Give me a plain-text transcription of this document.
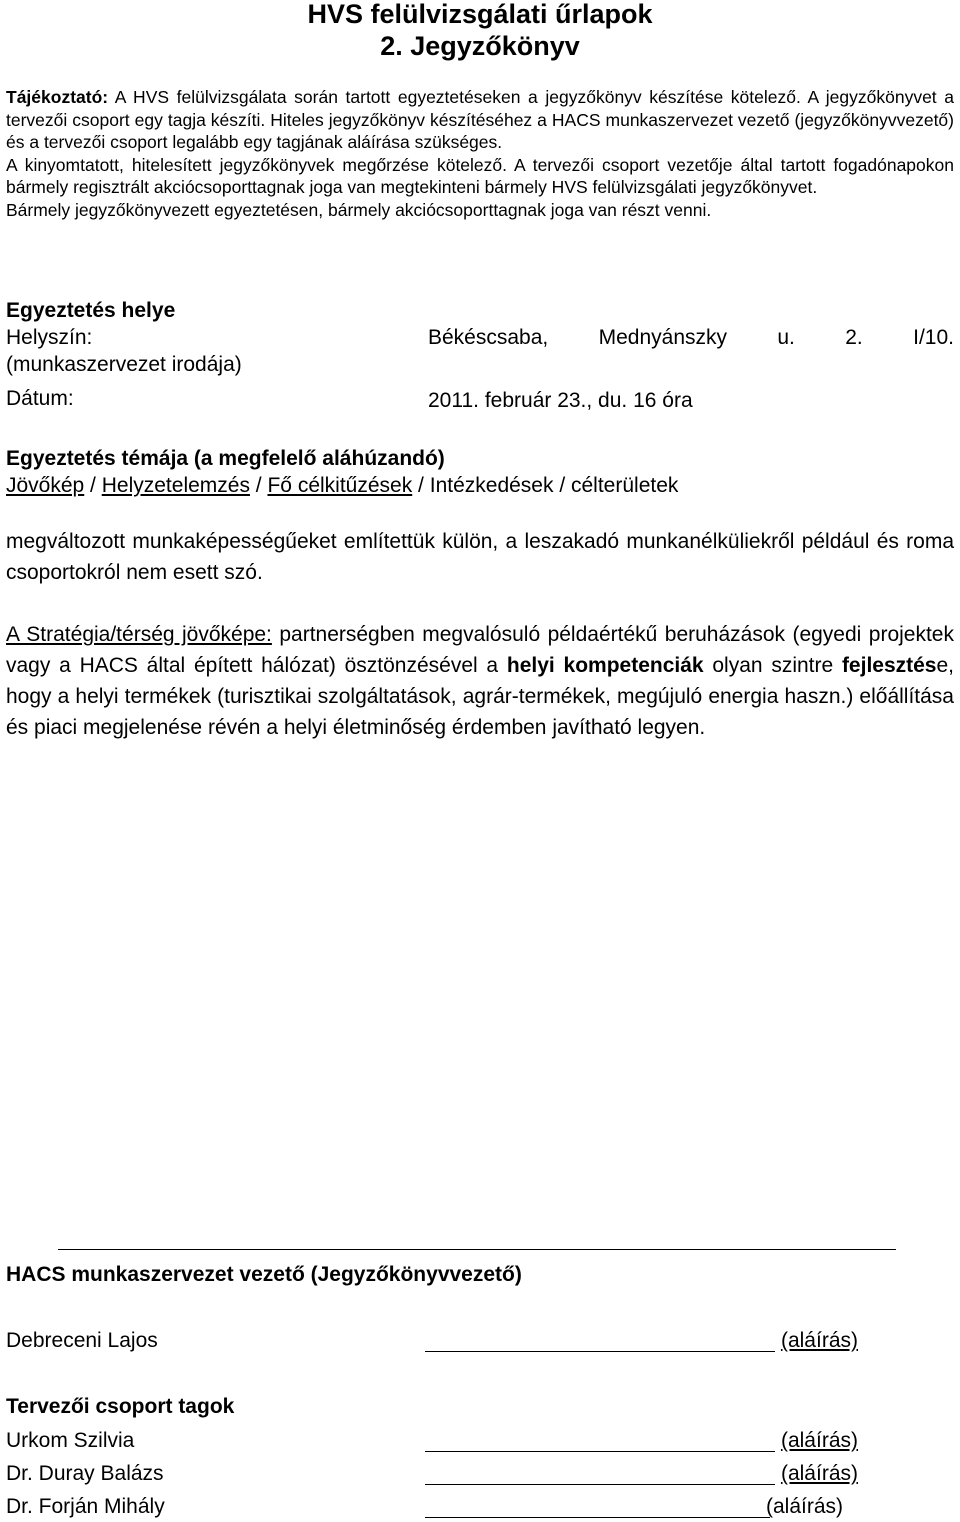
HVS felülvizsgálati űrlapok
2. Jegyzőkönyv

Tájékoztató: A HVS felülvizsgálata során tartott egyeztetéseken a jegyzőkönyv készítése kötelező. A jegyzőkönyvet a tervezői csoport egy tagja készíti. Hiteles jegyzőkönyv készítéséhez a HACS munkaszervezet vezető (jegyzőkönyvvezető) és a tervezői csoport legalább egy tagjának aláírása szükséges.

A kinyomtatott, hitelesített jegyzőkönyvek megőrzése kötelező. A tervezői csoport vezetője által tartott fogadónapokon bármely regisztrált akciócsoporttagnak joga van megtekinteni bármely HVS felülvizsgálati jegyzőkönyvet.

Bármely jegyzőkönyvezett egyeztetésen, bármely akciócsoporttagnak joga van részt venni.

Egyeztetés helye
Helyszín:	Békéscsaba, Mednyánszky u. 2. I/10.
(munkaszervezet irodája)
Dátum:	2011. február 23., du. 16 óra
Egyeztetés témája (a megfelelő aláhúzandó)
Jövőkép / Helyzetelemzés / Fő célkitűzések / Intézkedések / célterületek

megváltozott munkaképességűeket említettük külön, a leszakadó munkanélküliekről például és roma csoportokról nem esett szó.

A Stratégia/térség jövőképe: partnerségben megvalósuló példaértékű beruházások (egyedi projektek vagy a HACS által épített hálózat) ösztönzésével a helyi kompetenciák olyan szintre fejlesztése, hogy a helyi termékek (turisztikai szolgáltatások, agrár-termékek, megújuló energia haszn.) előállítása és piaci megjelenése révén a helyi életminőség érdemben javítható legyen.

HACS munkaszervezet vezető (Jegyzőkönyvvezető)
Debreceni Lajos	(aláírás)
Tervezői csoport tagok
Urkom Szilvia	(aláírás)
Dr. Duray Balázs	(aláírás)
Dr. Forján Mihály	(aláírás)
